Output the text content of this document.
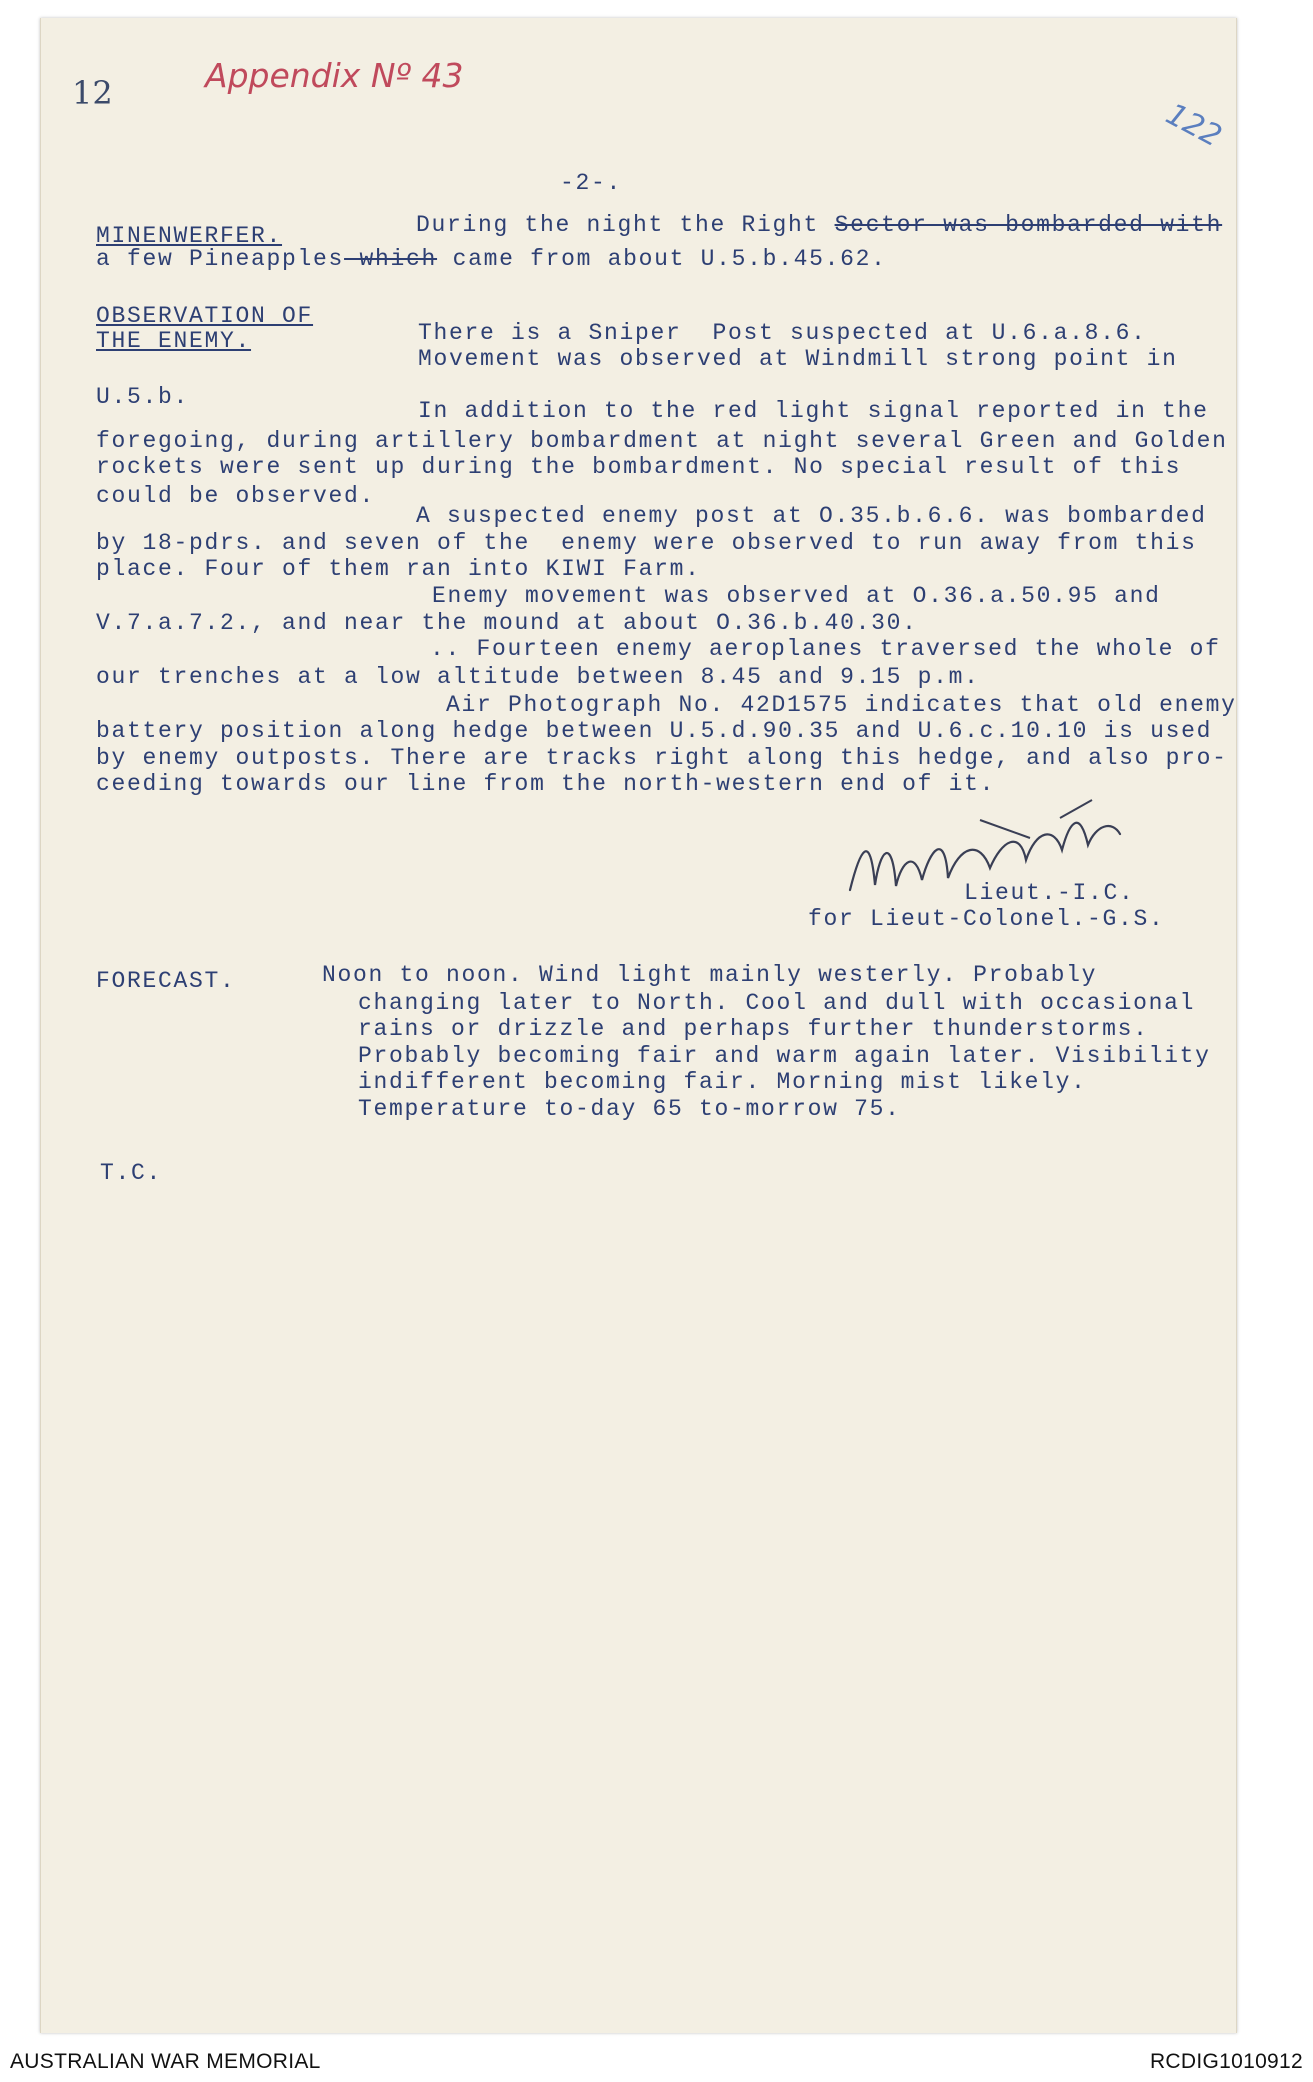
12	Appendix Nº 43
122
-2-.
MINENWERFER.	During the night the Right Sector was bombarded with
a few Pineapples which came from about U.5.b.45.62.
OBSERVATION OF
THE ENEMY.	There is a Sniper  Post suspected at U.6.a.8.6.
Movement was observed at Windmill strong point in
U.5.b.
In addition to the red light signal reported in the
foregoing, during artillery bombardment at night several Green and Golden
rockets were sent up during the bombardment. No special result of this
could be observed.
A suspected enemy post at O.35.b.6.6. was bombarded
by 18-pdrs. and seven of the  enemy were observed to run away from this
place. Four of them ran into KIWI Farm.
Enemy movement was observed at O.36.a.50.95 and
V.7.a.7.2., and near the mound at about O.36.b.40.30.
.. Fourteen enemy aeroplanes traversed the whole of
our trenches at a low altitude between 8.45 and 9.15 p.m.
Air Photograph No. 42D1575 indicates that old enemy
battery position along hedge between U.5.d.90.35 and U.6.c.10.10 is used
by enemy outposts. There are tracks right along this hedge, and also pro-
ceeding towards our line from the north-western end of it.
Lieut.-I.C.
for Lieut-Colonel.-G.S.
FORECAST.	Noon to noon. Wind light mainly westerly. Probably
changing later to North. Cool and dull with occasional
rains or drizzle and perhaps further thunderstorms.
Probably becoming fair and warm again later. Visibility
indifferent becoming fair. Morning mist likely.
Temperature to-day 65 to-morrow 75.
T.C.
AUSTRALIAN WAR MEMORIAL	RCDIG1010912
